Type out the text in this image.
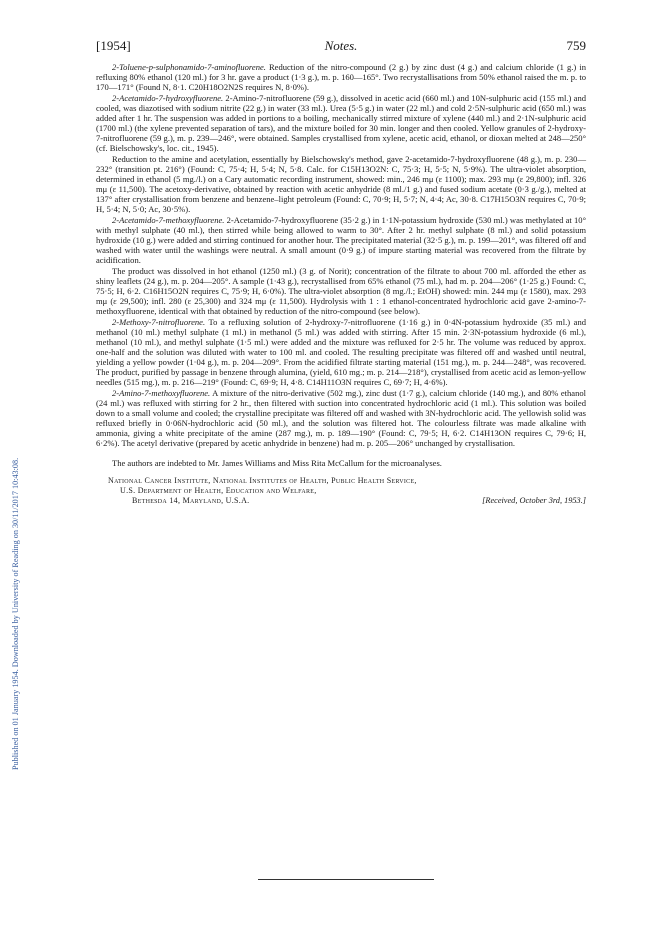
Published on 01 January 1954. Downloaded by University of Reading on 30/11/2017 10:43:08.
[1954]	Notes.	759

2-Toluene-p-sulphonamido-7-aminofluorene. Reduction of the nitro-compound (2 g.) by zinc dust (4 g.) and calcium chloride (1 g.) in refluxing 80% ethanol (120 ml.) for 3 hr. gave a product (1·3 g.), m. p. 160—165°. Two recrystallisations from 50% ethanol raised the m. p. to 170—171° (Found N, 8·1. C20H18O2N2S requires N, 8·0%).

2-Acetamido-7-hydroxyfluorene. 2-Amino-7-nitrofluorene (59 g.), dissolved in acetic acid (660 ml.) and 10N-sulphuric acid (155 ml.) and cooled, was diazotised with sodium nitrite (22 g.) in water (33 ml.). Urea (5·5 g.) in water (22 ml.) and cold 2·5N-sulphuric acid (650 ml.) was added after 1 hr. The suspension was added in portions to a boiling, mechanically stirred mixture of xylene (440 ml.) and 2·1N-sulphuric acid (1700 ml.) (the xylene prevented separation of tars), and the mixture boiled for 30 min. longer and then cooled. Yellow granules of 2-hydroxy-7-nitrofluorene (59 g.), m. p. 239—246°, were obtained. Samples crystallised from xylene, acetic acid, ethanol, or dioxan melted at 248—250° (cf. Bielschowsky's, loc. cit., 1945).

Reduction to the amine and acetylation, essentially by Bielschowsky's method, gave 2-acetamido-7-hydroxyfluorene (48 g.), m. p. 230—232° (transition pt. 216°) (Found: C, 75·4; H, 5·4; N, 5·8. Calc. for C15H13O2N: C, 75·3; H, 5·5; N, 5·9%). The ultra-violet absorption, determined in ethanol (5 mg./l.) on a Cary automatic recording instrument, showed: min., 246 mμ (ε 1100); max. 293 mμ (ε 29,800); infl. 326 mμ (ε 11,500). The acetoxy-derivative, obtained by reaction with acetic anhydride (8 ml./1 g.) and fused sodium acetate (0·3 g./g.), melted at 137° after crystallisation from benzene and benzene–light petroleum (Found: C, 70·9; H, 5·7; N, 4·4; Ac, 30·8. C17H15O3N requires C, 70·9; H, 5·4; N, 5·0; Ac, 30·5%).

2-Acetamido-7-methoxyfluorene. 2-Acetamido-7-hydroxyfluorene (35·2 g.) in 1·1N-potassium hydroxide (530 ml.) was methylated at 10° with methyl sulphate (40 ml.), then stirred while being allowed to warm to 30°. After 2 hr. methyl sulphate (8 ml.) and solid potassium hydroxide (10 g.) were added and stirring continued for another hour. The precipitated material (32·5 g.), m. p. 199—201°, was filtered off and washed with water until the washings were neutral. A small amount (0·9 g.) of impure starting material was recovered from the filtrate by acidification.

The product was dissolved in hot ethanol (1250 ml.) (3 g. of Norit); concentration of the filtrate to about 700 ml. afforded the ether as shiny leaflets (24 g.), m. p. 204—205°. A sample (1·43 g.), recrystallised from 65% ethanol (75 ml.), had m. p. 204—206° (1·25 g.) Found: C, 75·5; H, 6·2. C16H15O2N requires C, 75·9; H, 6·0%). The ultra-violet absorption (8 mg./l.; EtOH) showed: min. 244 mμ (ε 1580), max. 293 mμ (ε 29,500); infl. 280 (ε 25,300) and 324 mμ (ε 11,500). Hydrolysis with 1 : 1 ethanol-concentrated hydrochloric acid gave 2-amino-7-methoxyfluorene, identical with that obtained by reduction of the nitro-compound (see below).

2-Methoxy-7-nitrofluorene. To a refluxing solution of 2-hydroxy-7-nitrofluorene (1·16 g.) in 0·4N-potassium hydroxide (35 ml.) and methanol (10 ml.) methyl sulphate (1 ml.) in methanol (5 ml.) was added with stirring. After 15 min. 2·3N-potassium hydroxide (6 ml.), methanol (10 ml.), and methyl sulphate (1·5 ml.) were added and the mixture was refluxed for 2·5 hr. The volume was reduced by approx. one-half and the solution was diluted with water to 100 ml. and cooled. The resulting precipitate was filtered off and washed until neutral, yielding a yellow powder (1·04 g.), m. p. 204—209°. From the acidified filtrate starting material (151 mg.), m. p. 244—248°, was recovered. The product, purified by passage in benzene through alumina, (yield, 610 mg.; m. p. 214—218°), crystallised from acetic acid as lemon-yellow needles (515 mg.), m. p. 216—219° (Found: C, 69·9; H, 4·8. C14H11O3N requires C, 69·7; H, 4·6%).

2-Amino-7-methoxyfluorene. A mixture of the nitro-derivative (502 mg.), zinc dust (1·7 g.), calcium chloride (140 mg.), and 80% ethanol (24 ml.) was refluxed with stirring for 2 hr., then filtered with suction into concentrated hydrochloric acid (1 ml.). This solution was boiled down to a small volume and cooled; the crystalline precipitate was filtered off and washed with 3N-hydrochloric acid. The yellowish solid was refluxed briefly in 0·06N-hydrochloric acid (50 ml.), and the solution was filtered hot. The colourless filtrate was made alkaline with ammonia, giving a white precipitate of the amine (287 mg.), m. p. 189—190° (Found: C, 79·5; H, 6·2. C14H13ON requires C, 79·6; H, 6·2%). The acetyl derivative (prepared by acetic anhydride in benzene) had m. p. 205—206° unchanged by crystallisation.

The authors are indebted to Mr. James Williams and Miss Rita McCallum for the microanalyses.

National Cancer Institute, National Institutes of Health, Public Health Service,
U.S. Department of Health, Education and Welfare,
Bethesda 14, Maryland, U.S.A.	[Received, October 3rd, 1953.]
